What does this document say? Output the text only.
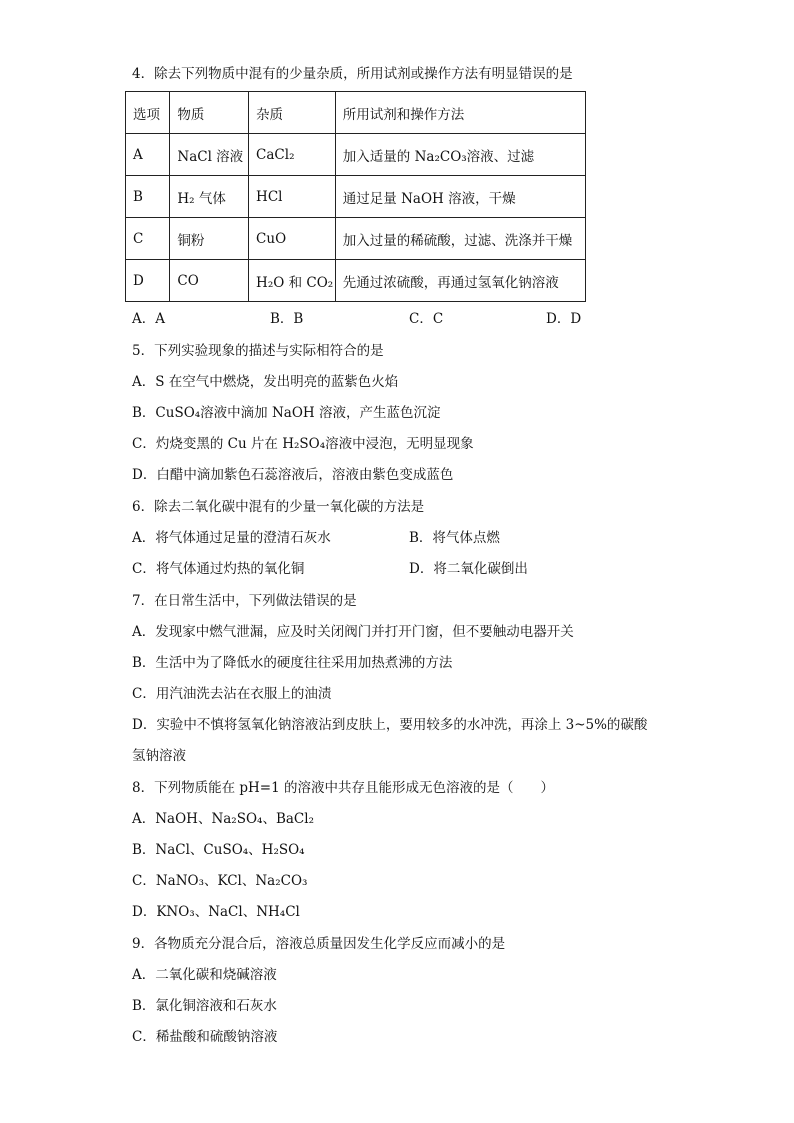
4．除去下列物质中混有的少量杂质，所用试剂或操作方法有明显错误的是
选项	物质	杂质	所用试剂和操作方法
A	NaCl 溶液	CaCl₂	加入适量的 Na₂CO₃溶液、过滤
B	H₂ 气体	HCl	通过足量 NaOH 溶液，干燥
C	铜粉	CuO	加入过量的稀硫酸，过滤、洗涤并干燥
D	CO	H₂O 和 CO₂	先通过浓硫酸，再通过氢氧化钠溶液
A．A	B．B	C．C	D．D
5．下列实验现象的描述与实际相符合的是
A．S 在空气中燃烧，发出明亮的蓝紫色火焰
B．CuSO₄溶液中滴加 NaOH 溶液，产生蓝色沉淀
C．灼烧变黑的 Cu 片在 H₂SO₄溶液中浸泡，无明显现象
D．白醋中滴加紫色石蕊溶液后，溶液由紫色变成蓝色
6．除去二氧化碳中混有的少量一氧化碳的方法是
A．将气体通过足量的澄清石灰水	B．将气体点燃
C．将气体通过灼热的氧化铜	D．将二氧化碳倒出
7．在日常生活中，下列做法错误的是
A．发现家中燃气泄漏，应及时关闭阀门并打开门窗，但不要触动电器开关
B．生活中为了降低水的硬度往往采用加热煮沸的方法
C．用汽油洗去沾在衣服上的油渍
D．实验中不慎将氢氧化钠溶液沾到皮肤上，要用较多的水冲洗，再涂上 3~5%的碳酸
氢钠溶液
8．下列物质能在 pH=1 的溶液中共存且能形成无色溶液的是（　　）
A．NaOH、Na₂SO₄、BaCl₂
B．NaCl、CuSO₄、H₂SO₄
C．NaNO₃、KCl、Na₂CO₃
D．KNO₃、NaCl、NH₄Cl
9．各物质充分混合后，溶液总质量因发生化学反应而减小的是
A．二氧化碳和烧碱溶液
B．氯化铜溶液和石灰水
C．稀盐酸和硫酸钠溶液
